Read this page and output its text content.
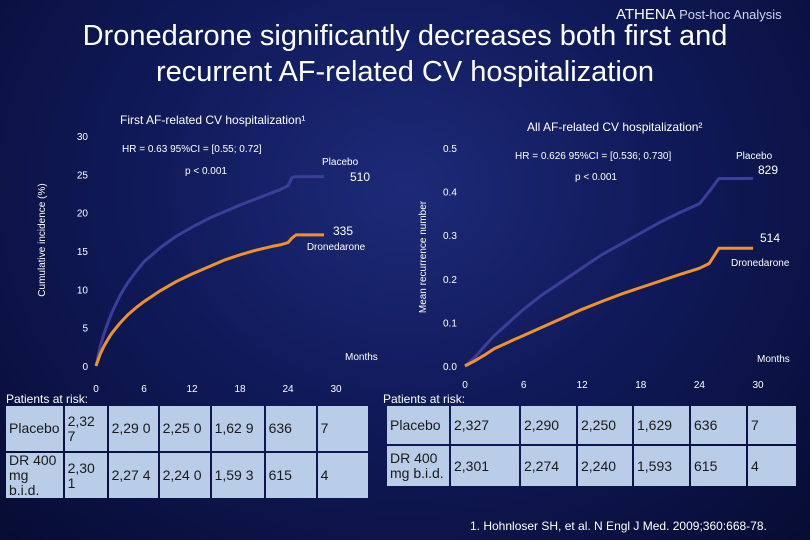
ATHENA Post-hoc Analysis
Dronedarone significantly decreases both first and
recurrent AF-related CV hospitalization
First AF-related CV hospitalization¹
Cumulative incidence (%)
HR = 0.63 95%CI = [0.55; 0.72]
p < 0.001
Placebo
Dronedarone
Months
0
5
10
15
20
25
30
0	6	12	18	24	30
510
335
All AF-related CV hospitalization²
Mean recurrence number
HR = 0.626 95%CI = [0.536; 0.730]
p < 0.001
Placebo
Dronedarone
Months
0.0
0.1
0.2
0.3
0.4
0.5
0	6	12	18	24	30
829
514
Patients at risk:	Patients at risk:
Placebo	2,32 7	2,29 0	2,25 0	1,62 9	636	7
DR 400 mg b.i.d.	2,30 1	2,27 4	2,24 0	1,59 3	615	4
Placebo	2,327	2,290	2,250	1,629	636	7
DR 400 mg b.i.d.	2,301	2,274	2,240	1,593	615	4
1. Hohnloser SH, et al. N Engl J Med. 2009;360:668-78.
